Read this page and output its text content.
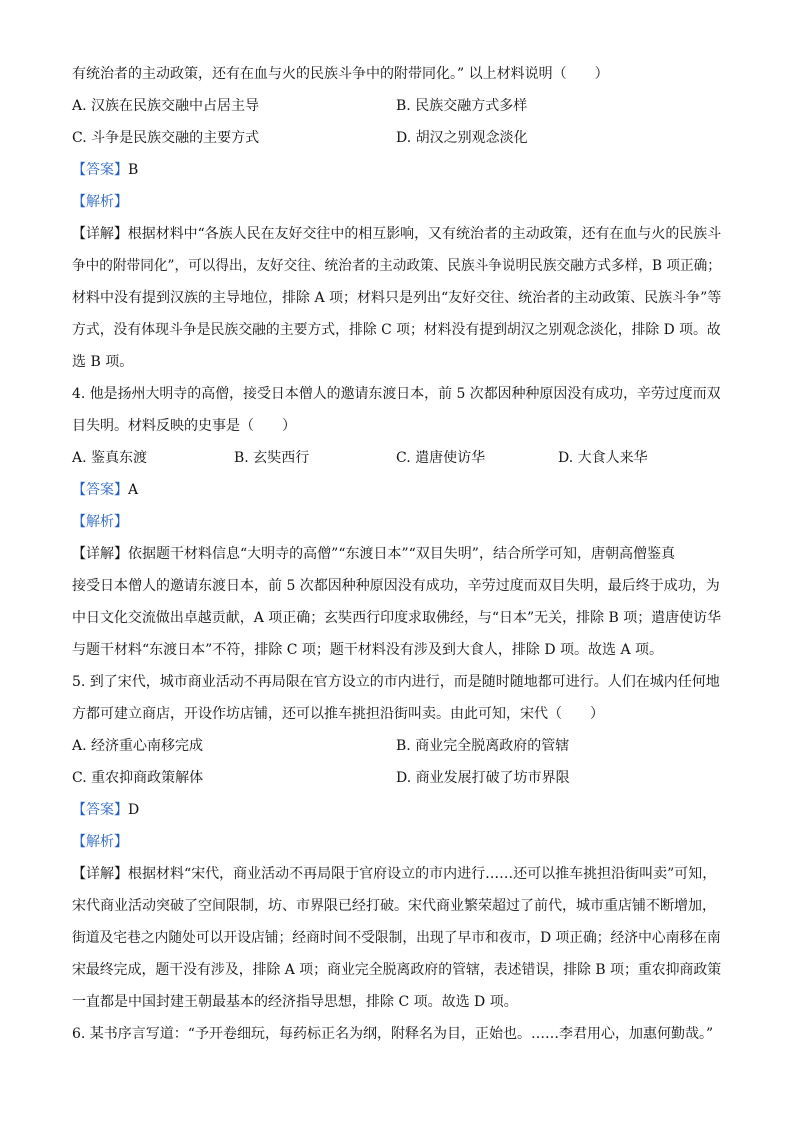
有统治者的主动政策，还有在血与火的民族斗争中的附带同化。” 以上材料说明（　　）
A. 汉族在民族交融中占居主导	B. 民族交融方式多样
C. 斗争是民族交融的主要方式	D. 胡汉之别观念淡化
【答案】B
【解析】
【详解】根据材料中“各族人民在友好交往中的相互影响，又有统治者的主动政策，还有在血与火的民族斗
争中的附带同化”，可以得出，友好交往、统治者的主动政策、民族斗争说明民族交融方式多样，B 项正确；
材料中没有提到汉族的主导地位，排除 A 项；材料只是列出“友好交往、统治者的主动政策、民族斗争”等
方式，没有体现斗争是民族交融的主要方式，排除 C 项；材料没有提到胡汉之别观念淡化，排除 D 项。故
选 B 项。
4. 他是扬州大明寺的高僧，接受日本僧人的邀请东渡日本，前 5 次都因种种原因没有成功，辛劳过度而双
目失明。材料反映的史事是（　　）
A. 鉴真东渡	B. 玄奘西行	C. 遣唐使访华	D. 大食人来华
【答案】A
【解析】
【详解】依据题干材料信息“大明寺的高僧”“东渡日本”“双目失明”，结合所学可知，唐朝高僧鉴真
接受日本僧人的邀请东渡日本，前 5 次都因种种原因没有成功，辛劳过度而双目失明，最后终于成功，为
中日文化交流做出卓越贡献，A 项正确；玄奘西行印度求取佛经，与“日本”无关，排除 B 项；遣唐使访华
与题干材料“东渡日本”不符，排除 C 项；题干材料没有涉及到大食人，排除 D 项。故选 A 项。
5. 到了宋代，城市商业活动不再局限在官方设立的市内进行，而是随时随地都可进行。人们在城内任何地
方都可建立商店，开设作坊店铺，还可以推车挑担沿街叫卖。由此可知，宋代（　　）
A. 经济重心南移完成	B. 商业完全脱离政府的管辖
C. 重农抑商政策解体	D. 商业发展打破了坊市界限
【答案】D
【解析】
【详解】根据材料“宋代，商业活动不再局限于官府设立的市内进行……还可以推车挑担沿街叫卖”可知，
宋代商业活动突破了空间限制，坊、市界限已经打破。宋代商业繁荣超过了前代，城市重店铺不断增加，
街道及宅巷之内随处可以开设店铺；经商时间不受限制，出现了早市和夜市，D 项正确；经济中心南移在南
宋最终完成，题干没有涉及，排除 A 项；商业完全脱离政府的管辖，表述错误，排除 B 项；重农抑商政策
一直都是中国封建王朝最基本的经济指导思想，排除 C 项。故选 D 项。
6. 某书序言写道：“予开卷细玩，每药标正名为纲，附释名为目，正始也。……李君用心，加惠何勤哉。”
